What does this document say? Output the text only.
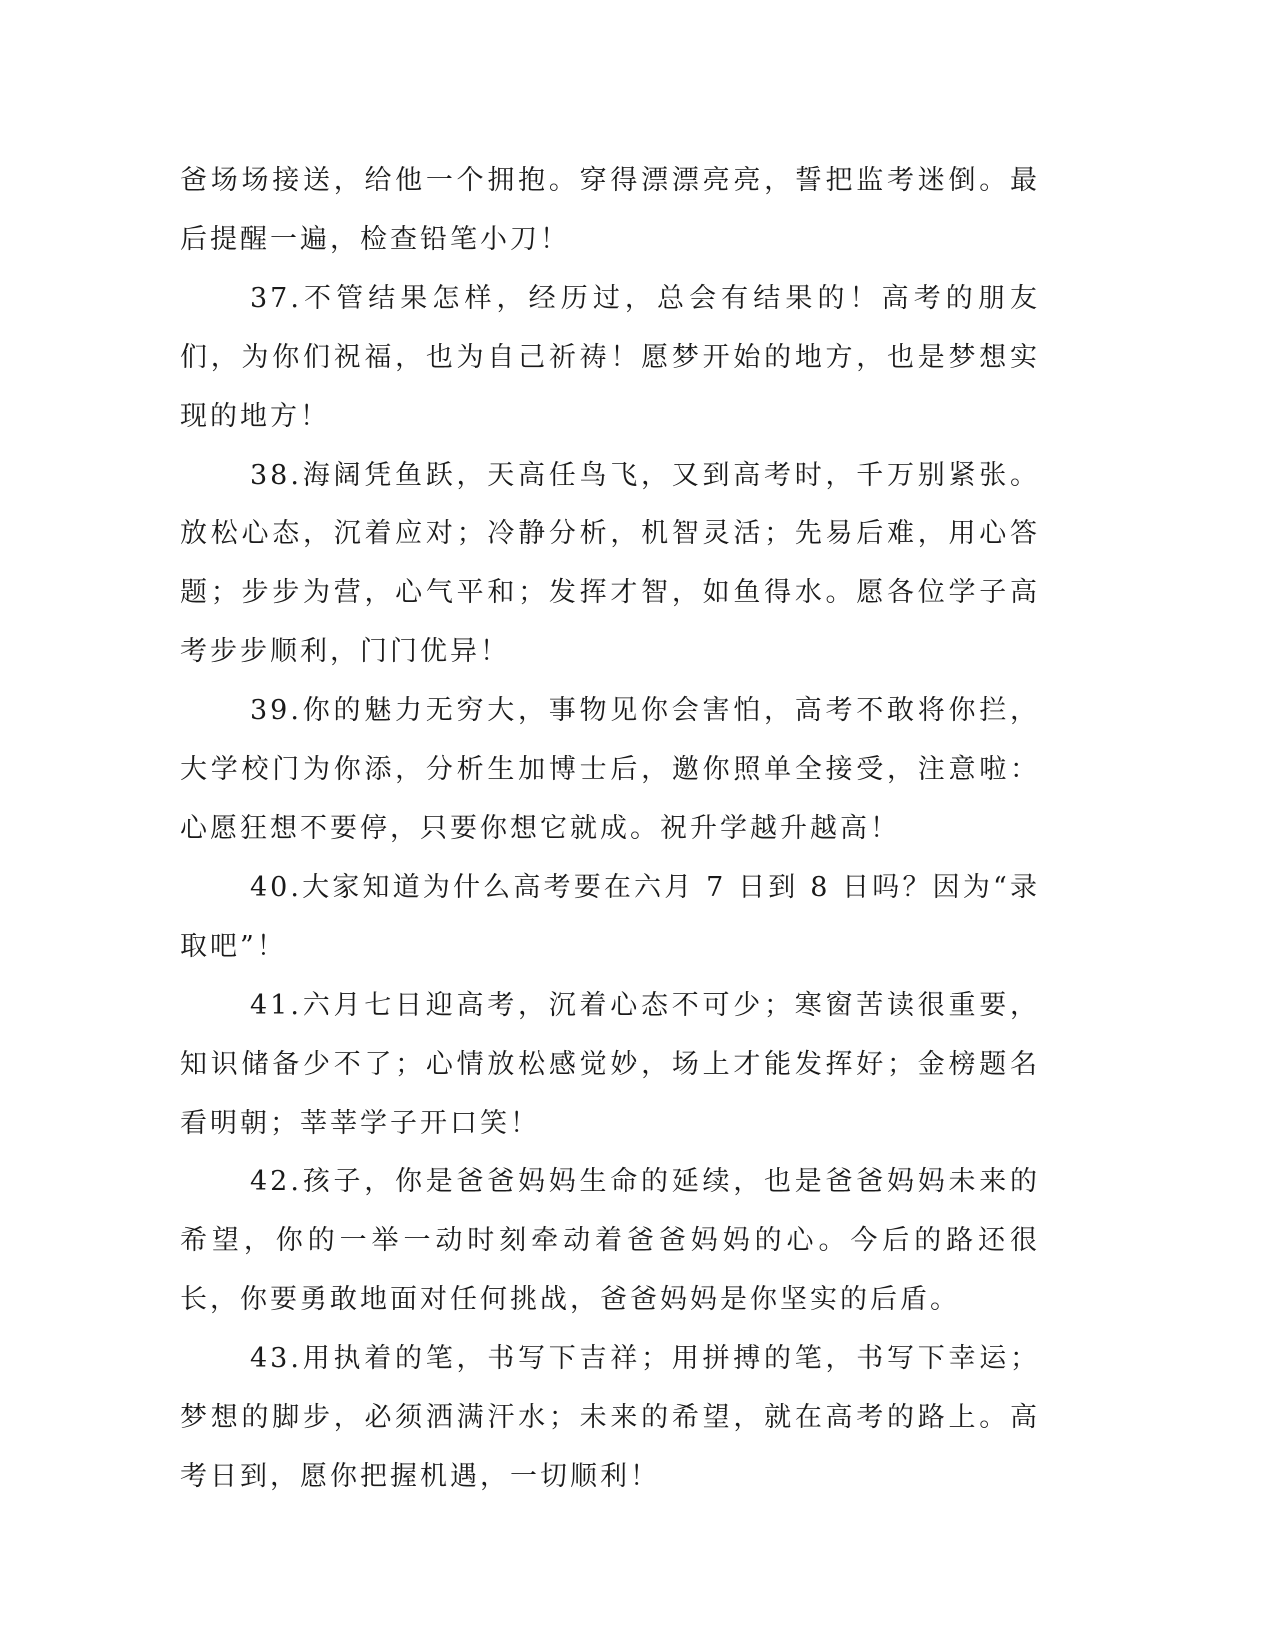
爸场场接送，给他一个拥抱。穿得漂漂亮亮，誓把监考迷倒。最后提醒一遍，检查铅笔小刀！

37.不管结果怎样，经历过，总会有结果的！高考的朋友们，为你们祝福，也为自己祈祷！愿梦开始的地方，也是梦想实现的地方！

38.海阔凭鱼跃，天高任鸟飞，又到高考时，千万别紧张。放松心态，沉着应对；冷静分析，机智灵活；先易后难，用心答题；步步为营，心气平和；发挥才智，如鱼得水。愿各位学子高考步步顺利，门门优异！

39.你的魅力无穷大，事物见你会害怕，高考不敢将你拦，大学校门为你添，分析生加博士后，邀你照单全接受，注意啦：心愿狂想不要停，只要你想它就成。祝升学越升越高！

40.大家知道为什么高考要在六月 7 日到 8 日吗？因为“录取吧”！

41.六月七日迎高考，沉着心态不可少；寒窗苦读很重要，知识储备少不了；心情放松感觉妙，场上才能发挥好；金榜题名看明朝；莘莘学子开口笑！

42.孩子，你是爸爸妈妈生命的延续，也是爸爸妈妈未来的希望，你的一举一动时刻牵动着爸爸妈妈的心。今后的路还很长，你要勇敢地面对任何挑战，爸爸妈妈是你坚实的后盾。

43.用执着的笔，书写下吉祥；用拼搏的笔，书写下幸运；梦想的脚步，必须洒满汗水；未来的希望，就在高考的路上。高考日到，愿你把握机遇，一切顺利！
